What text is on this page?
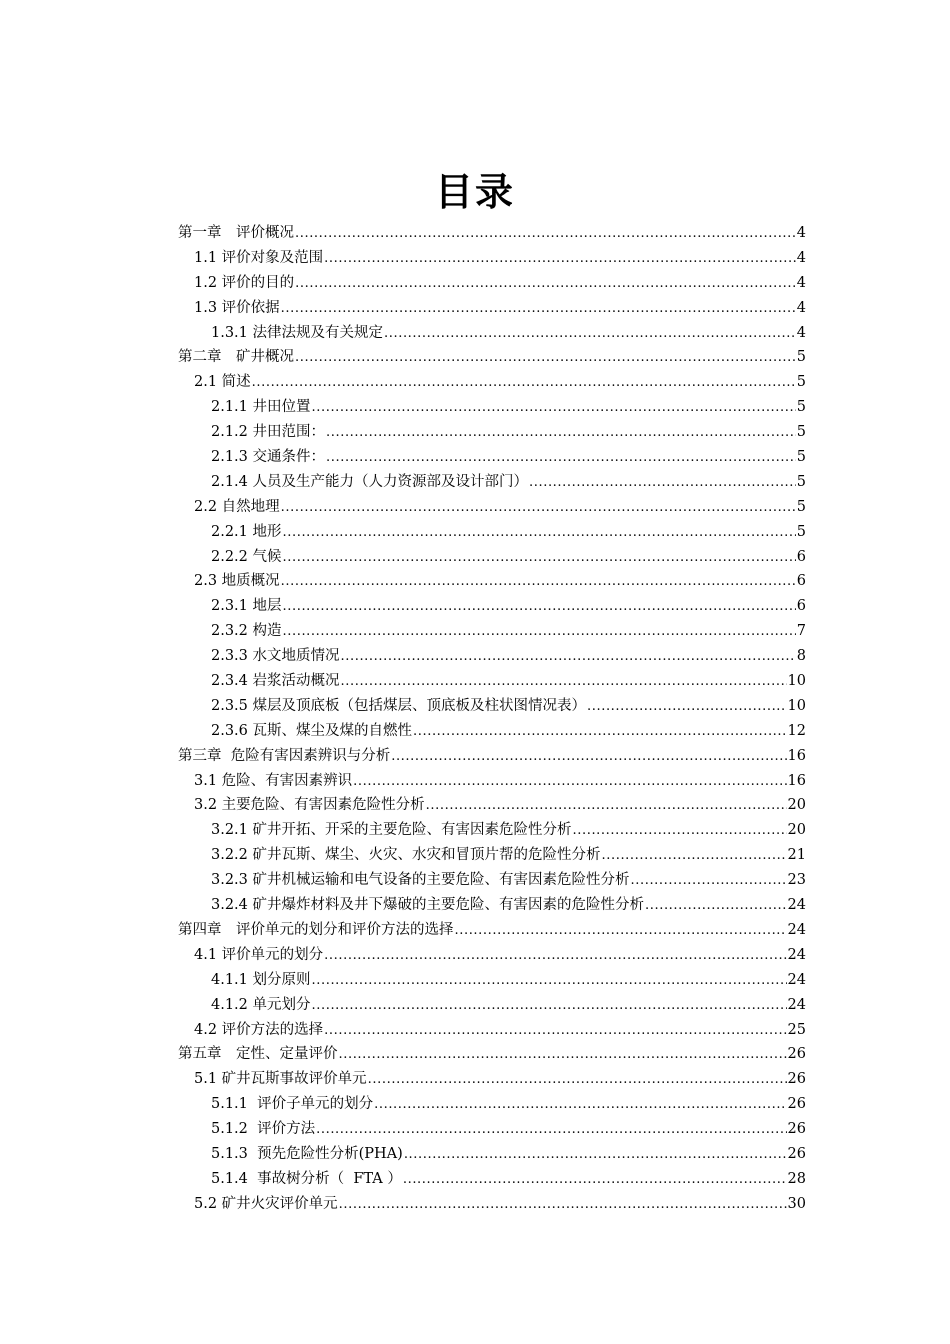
目录
第一章　评价概况 .....	4
1.1 评价对象及范围 .....	4
1.2 评价的目的 .....	4
1.3 评价依据 .....	4
1.3.1 法律法规及有关规定 .....	4
第二章　矿井概况 .....	5
2.1 简述 .....	5
2.1.1 井田位置 .....	5
2.1.2 井田范围： .....	5
2.1.3 交通条件： .....	5
2.1.4 人员及生产能力（人力资源部及设计部门） .....	5
2.2 自然地理 .....	5
2.2.1 地形 .....	5
2.2.2 气候 .....	6
2.3 地质概况 .....	6
2.3.1 地层 .....	6
2.3.2 构造 .....	7
2.3.3 水文地质情况 .....	8
2.3.4 岩浆活动概况 .....	10
2.3.5 煤层及顶底板（包括煤层、顶底板及柱状图情况表） .....	10
2.3.6 瓦斯、煤尘及煤的自燃性 .....	12
第三章  危险有害因素辨识与分析 .....	16
3.1 危险、有害因素辨识 .....	16
3.2 主要危险、有害因素危险性分析 .....	20
3.2.1 矿井开拓、开采的主要危险、有害因素危险性分析 .....	20
3.2.2 矿井瓦斯、煤尘、火灾、水灾和冒顶片帮的危险性分析 .....	21
3.2.3 矿井机械运输和电气设备的主要危险、有害因素危险性分析 .....	23
3.2.4 矿井爆炸材料及井下爆破的主要危险、有害因素的危险性分析 .....	24
第四章　评价单元的划分和评价方法的选择 .....	24
4.1 评价单元的划分 .....	24
4.1.1 划分原则 .....	24
4.1.2 单元划分 .....	24
4.2 评价方法的选择 .....	25
第五章　定性、定量评价 .....	26
5.1 矿井瓦斯事故评价单元 .....	26
5.1.1  评价子单元的划分 .....	26
5.1.2  评价方法 .....	26
5.1.3  预先危险性分析(PHA) .....	26
5.1.4  事故树分析（  FTA ） .....	28
5.2 矿井火灾评价单元 .....	30
